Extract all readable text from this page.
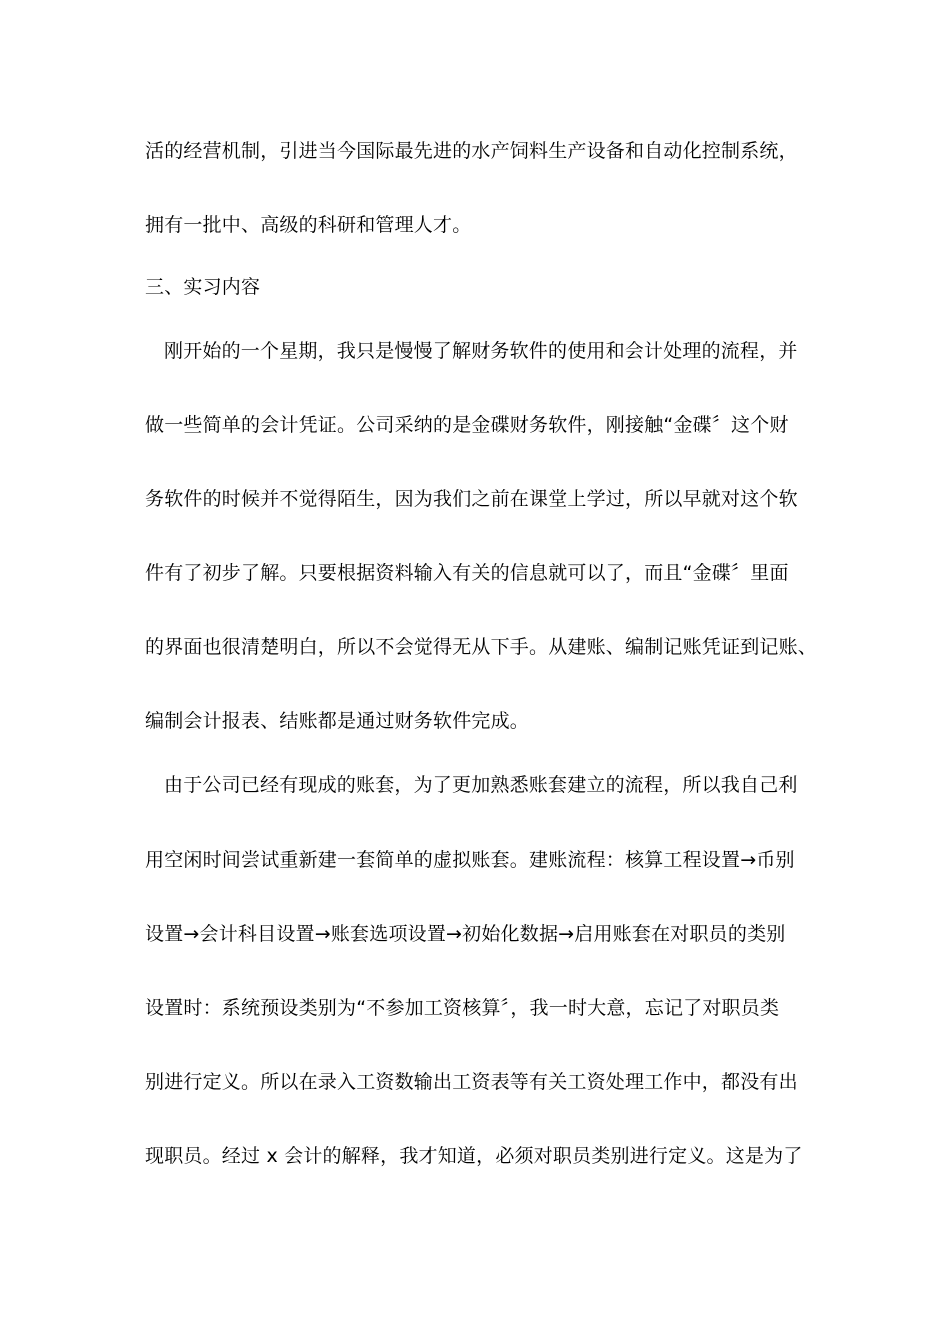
活的经营机制，引进当今国际最先进的水产饲料生产设备和自动化控制系统，
拥有一批中、高级的科研和管理人才。
三、实习内容
刚开始的一个星期，我只是慢慢了解财务软件的使用和会计处理的流程，并
做一些简单的会计凭证。公司采纳的是金碟财务软件，刚接触“金碟〞这个财
务软件的时候并不觉得陌生，因为我们之前在课堂上学过，所以早就对这个软
件有了初步了解。只要根据资料输入有关的信息就可以了，而且“金碟〞里面
的界面也很清楚明白，所以不会觉得无从下手。从建账、编制记账凭证到记账、
编制会计报表、结账都是通过财务软件完成。
由于公司已经有现成的账套，为了更加熟悉账套建立的流程，所以我自己利
用空闲时间尝试重新建一套简单的虚拟账套。建账流程：核算工程设置→币别
设置→会计科目设置→账套选项设置→初始化数据→启用账套在对职员的类别
设置时：系统预设类别为“不参加工资核算〞，我一时大意，忘记了对职员类
别进行定义。所以在录入工资数输出工资表等有关工资处理工作中，都没有出
现职员。经过 x 会计的解释，我才知道，必须对职员类别进行定义。这是为了
